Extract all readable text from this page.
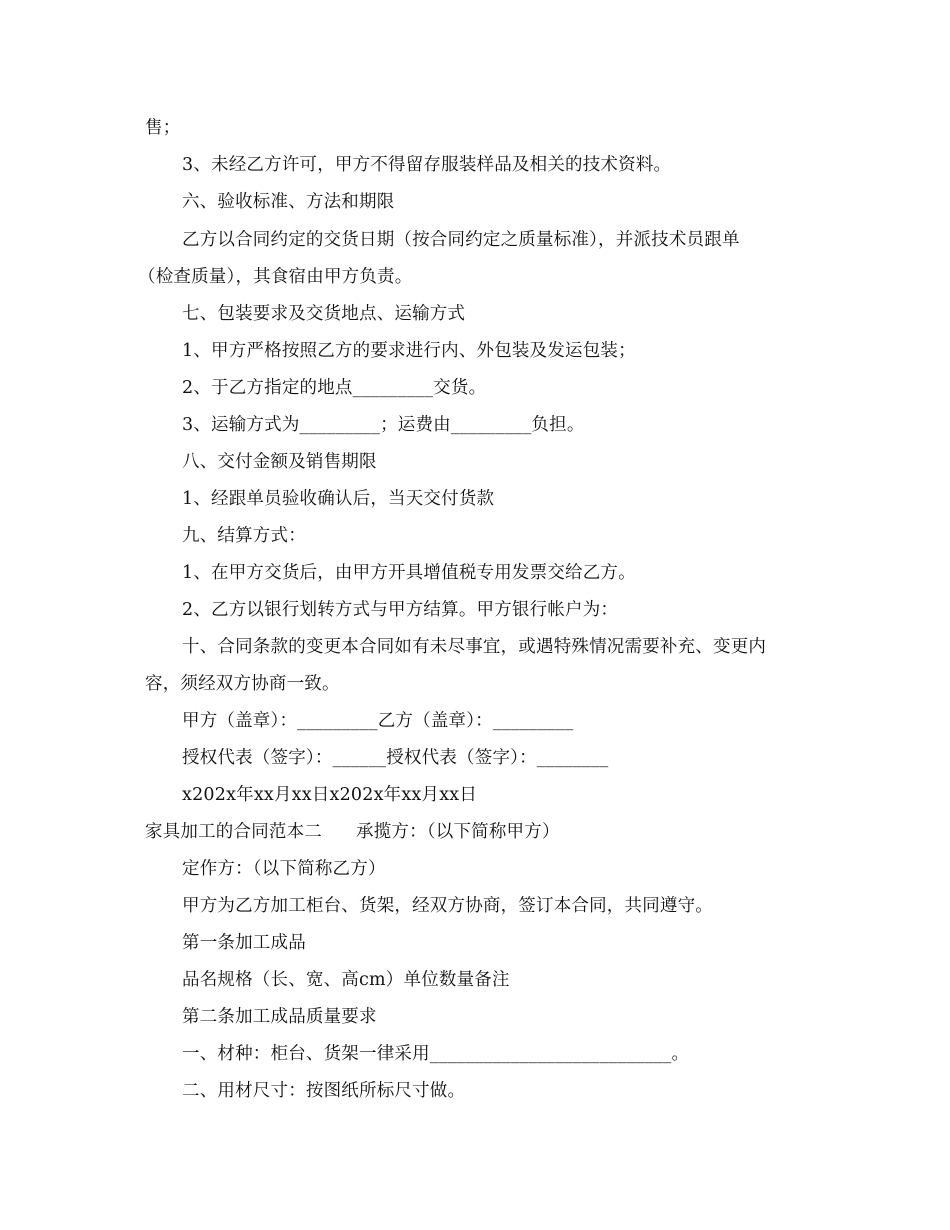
售；
3、未经乙方许可，甲方不得留存服装样品及相关的技术资料。
六、验收标准、方法和期限
乙方以合同约定的交货日期（按合同约定之质量标准），并派技术员跟单
（检查质量），其食宿由甲方负责。
七、包装要求及交货地点、运输方式
1、甲方严格按照乙方的要求进行内、外包装及发运包装；
2、于乙方指定的地点_________交货。
3、运输方式为_________；运费由_________负担。
八、交付金额及销售期限
1、经跟单员验收确认后，当天交付货款
九、结算方式：
1、在甲方交货后，由甲方开具增值税专用发票交给乙方。
2、乙方以银行划转方式与甲方结算。甲方银行帐户为：
十、合同条款的变更本合同如有未尽事宜，或遇特殊情况需要补充、变更内
容，须经双方协商一致。
甲方（盖章）：_________乙方（盖章）：_________
授权代表（签字）：______授权代表（签字）：________
x202x年xx月xx日x202x年xx月xx日
家具加工的合同范本二 承揽方：（以下简称甲方）
定作方：（以下简称乙方）
甲方为乙方加工柜台、货架，经双方协商，签订本合同，共同遵守。
第一条加工成品
品名规格（长、宽、高cm）单位数量备注
第二条加工成品质量要求
一、材种：柜台、货架一律采用___________________________。
二、用材尺寸：按图纸所标尺寸做。
